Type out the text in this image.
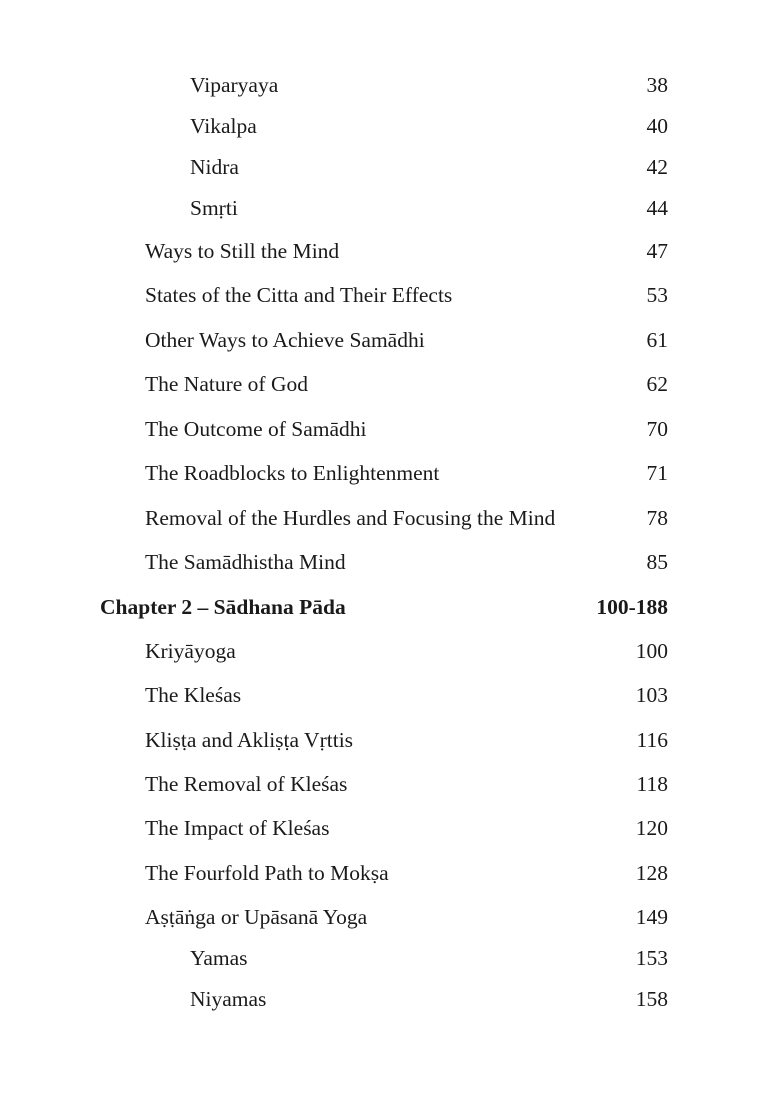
Viparyaya	38
Vikalpa	40
Nidra	42
Smṛti	44
Ways to Still the Mind	47
States of the Citta and Their Effects	53
Other Ways to Achieve Samādhi	61
The Nature of God	62
The Outcome of Samādhi	70
The Roadblocks to Enlightenment	71
Removal of the Hurdles and Focusing the Mind	78
The Samādhistha Mind	85
Chapter 2 – Sādhana Pāda	100-188
Kriyāyoga	100
The Kleśas	103
Kliṣṭa and Akliṣṭa Vṛttis	116
The Removal of Kleśas	118
The Impact of Kleśas	120
The Fourfold Path to Mokṣa	128
Aṣṭāṅga or Upāsanā Yoga	149
Yamas	153
Niyamas	158
